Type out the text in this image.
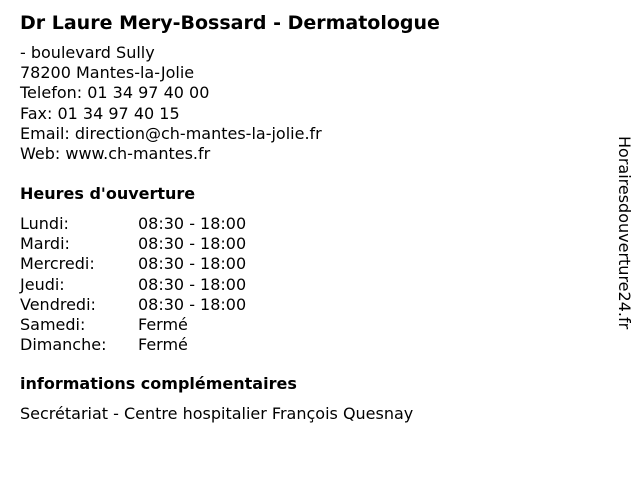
Dr Laure Mery-Bossard - Dermatologue
- boulevard Sully
78200 Mantes-la-Jolie
Telefon: 01 34 97 40 00
Fax: 01 34 97 40 15
Email: direction@ch-mantes-la-jolie.fr
Web: www.ch-mantes.fr
Heures d'ouverture
Lundi:	08:30 - 18:00
Mardi:	08:30 - 18:00
Mercredi:	08:30 - 18:00
Jeudi:	08:30 - 18:00
Vendredi:	08:30 - 18:00
Samedi:	Fermé
Dimanche:	Fermé
informations complémentaires
Secrétariat - Centre hospitalier François Quesnay
Horairesdouverture24.fr
